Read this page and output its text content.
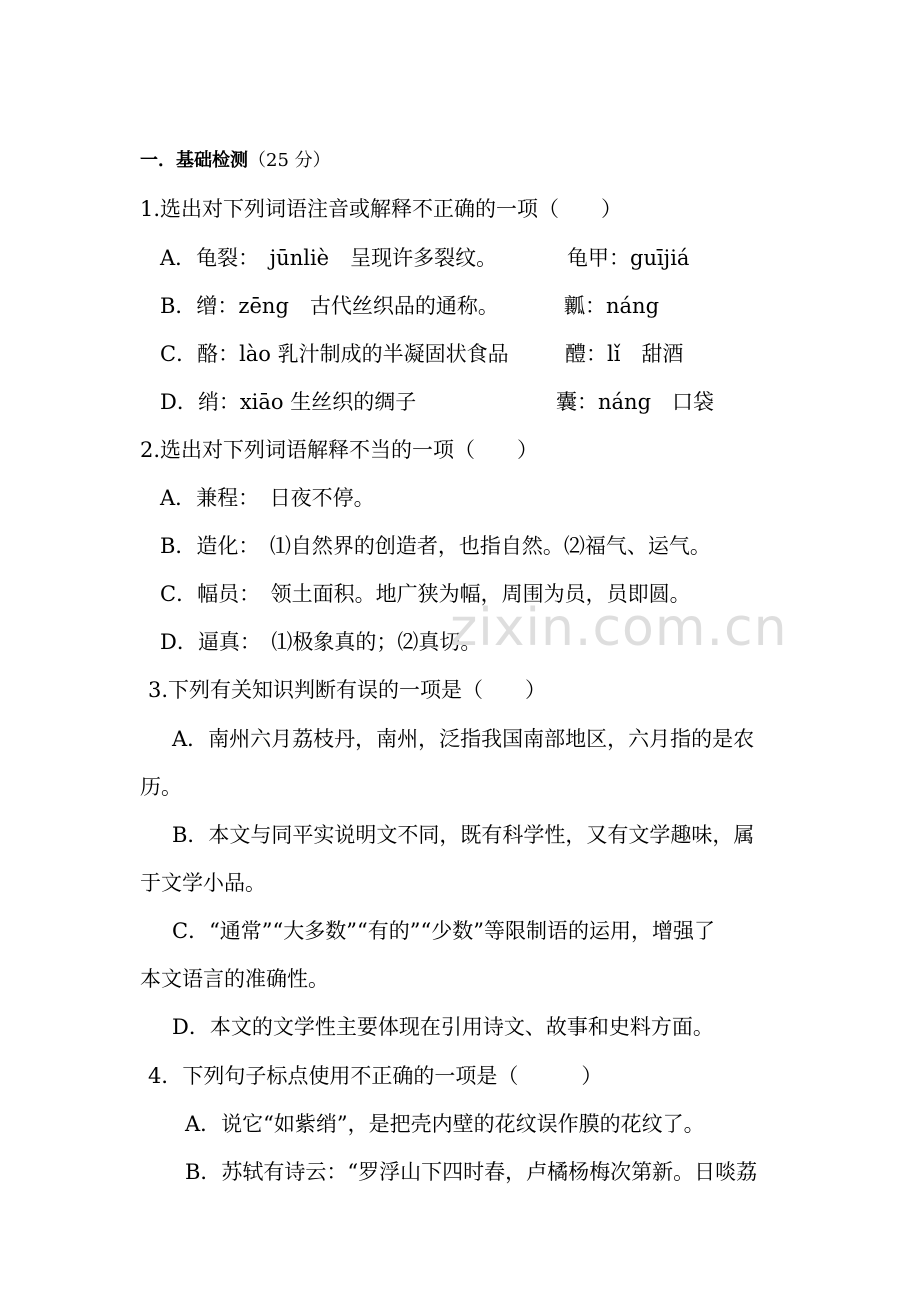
一．基础检测（25 分）
1.选出对下列词语注音或解释不正确的一项（　　）
A．龟裂：　jūnliè　呈现许多裂纹。	龟甲：guījiá
B．缯：zēng　古代丝织品的通称。	瓤：náng
C．酪：lào 乳汁制成的半凝固状食品	醴：lǐ　甜酒
D．绡：xiāo 生丝织的绸子	囊：náng　口袋
2.选出对下列词语解释不当的一项（　　）
A．兼程：　日夜不停。
B．造化：　⑴自然界的创造者，也指自然。⑵福气、运气。
C．幅员：　领土面积。地广狭为幅，周围为员，员即圆。
D．逼真：　⑴极象真的；⑵真切。
zixin.com.cn
3.下列有关知识判断有误的一项是（　　）
A．南州六月荔枝丹，南州，泛指我国南部地区，六月指的是农
历。
B．本文与同平实说明文不同，既有科学性，又有文学趣味，属
于文学小品。
C．“通常”“大多数”“有的”“少数”等限制语的运用，增强了
本文语言的准确性。
D．本文的文学性主要体现在引用诗文、故事和史料方面。
4．下列句子标点使用不正确的一项是（　　　）
A．说它“如紫绡”，是把壳内壁的花纹误作膜的花纹了。
B．苏轼有诗云：“罗浮山下四时春，卢橘杨梅次第新。日啖荔
